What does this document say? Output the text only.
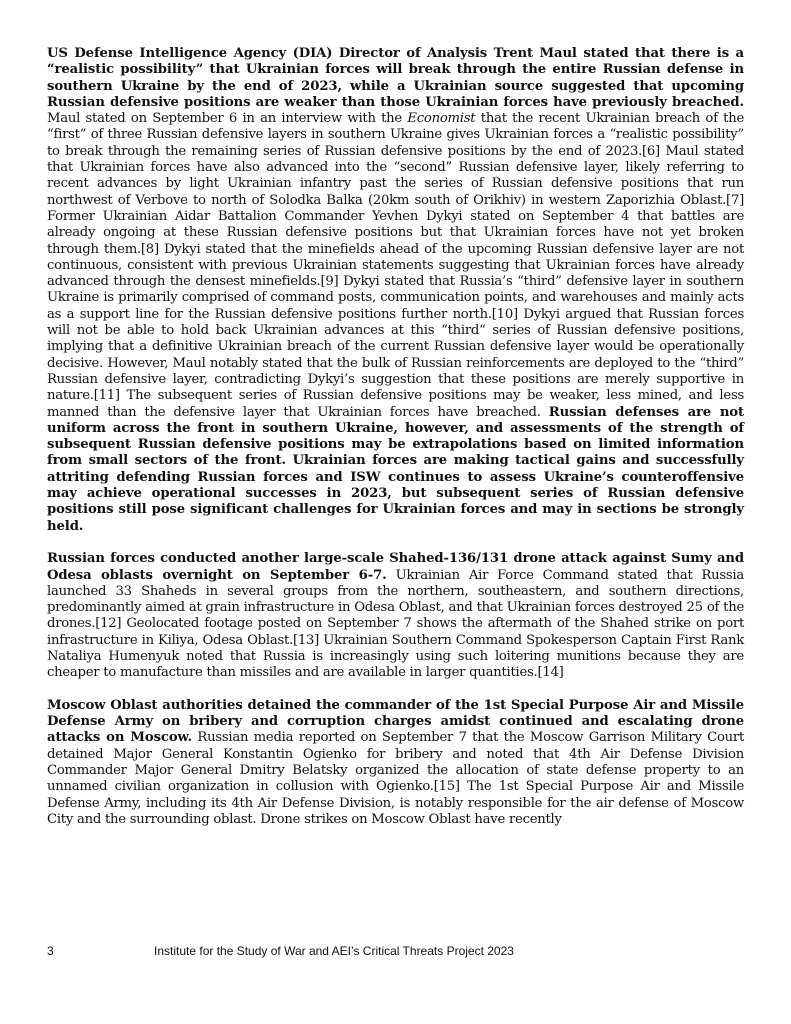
US Defense Intelligence Agency (DIA) Director of Analysis Trent Maul stated that there is a “realistic possibility” that Ukrainian forces will break through the entire Russian defense in southern Ukraine by the end of 2023, while a Ukrainian source suggested that upcoming Russian defensive positions are weaker than those Ukrainian forces have previously breached. Maul stated on September 6 in an interview with the Economist that the recent Ukrainian breach of the “first” of three Russian defensive layers in southern Ukraine gives Ukrainian forces a “realistic possibility” to break through the remaining series of Russian defensive positions by the end of 2023.[6] Maul stated that Ukrainian forces have also advanced into the “second” Russian defensive layer, likely referring to recent advances by light Ukrainian infantry past the series of Russian defensive positions that run northwest of Verbove to north of Solodka Balka (20km south of Orikhiv) in western Zaporizhia Oblast.[7] Former Ukrainian Aidar Battalion Commander Yevhen Dykyi stated on September 4 that battles are already ongoing at these Russian defensive positions but that Ukrainian forces have not yet broken through them.[8] Dykyi stated that the minefields ahead of the upcoming Russian defensive layer are not continuous, consistent with previous Ukrainian statements suggesting that Ukrainian forces have already advanced through the densest minefields.[9] Dykyi stated that Russia’s “third” defensive layer in southern Ukraine is primarily comprised of command posts, communication points, and warehouses and mainly acts as a support line for the Russian defensive positions further north.[10] Dykyi argued that Russian forces will not be able to hold back Ukrainian advances at this “third“ series of Russian defensive positions, implying that a definitive Ukrainian breach of the current Russian defensive layer would be operationally decisive. However, Maul notably stated that the bulk of Russian reinforcements are deployed to the “third” Russian defensive layer, contradicting Dykyi’s suggestion that these positions are merely supportive in nature.[11] The subsequent series of Russian defensive positions may be weaker, less mined, and less manned than the defensive layer that Ukrainian forces have breached. Russian defenses are not uniform across the front in southern Ukraine, however, and assessments of the strength of subsequent Russian defensive positions may be extrapolations based on limited information from small sectors of the front. Ukrainian forces are making tactical gains and successfully attriting defending Russian forces and ISW continues to assess Ukraine’s counteroffensive may achieve operational successes in 2023, but subsequent series of Russian defensive positions still pose significant challenges for Ukrainian forces and may in sections be strongly held.

Russian forces conducted another large-scale Shahed-136/131 drone attack against Sumy and Odesa oblasts overnight on September 6-7. Ukrainian Air Force Command stated that Russia launched 33 Shaheds in several groups from the northern, southeastern, and southern directions, predominantly aimed at grain infrastructure in Odesa Oblast, and that Ukrainian forces destroyed 25 of the drones.[12] Geolocated footage posted on September 7 shows the aftermath of the Shahed strike on port infrastructure in Kiliya, Odesa Oblast.[13] Ukrainian Southern Command Spokesperson Captain First Rank Nataliya Humenyuk noted that Russia is increasingly using such loitering munitions because they are cheaper to manufacture than missiles and are available in larger quantities.[14]

Moscow Oblast authorities detained the commander of the 1st Special Purpose Air and Missile Defense Army on bribery and corruption charges amidst continued and escalating drone attacks on Moscow. Russian media reported on September 7 that the Moscow Garrison Military Court detained Major General Konstantin Ogienko for bribery and noted that 4th Air Defense Division Commander Major General Dmitry Belatsky organized the allocation of state defense property to an unnamed civilian organization in collusion with Ogienko.[15] The 1st Special Purpose Air and Missile Defense Army, including its 4th Air Defense Division, is notably responsible for the air defense of Moscow City and the surrounding oblast. Drone strikes on Moscow Oblast have recently

3	Institute for the Study of War and AEI’s Critical Threats Project 2023
